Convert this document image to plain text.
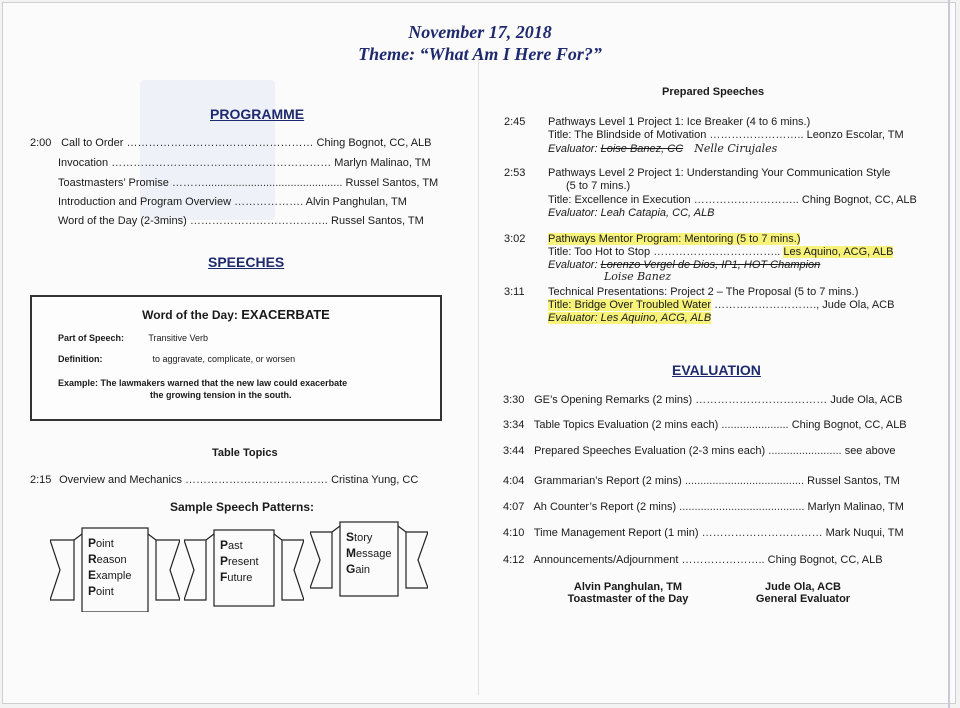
November 17, 2018
Theme: “What Am I Here For?”
PROGRAMME
2:00 Call to Order …………………………………………… Ching Bognot, CC, ALB
Invocation …………………………………………………… Marlyn Malinao, TM
Toastmasters’ Promise ………............................................. Russel Santos, TM
Introduction and Program Overview ………………. Alvin Panghulan, TM
Word of the Day (2-3mins) ……………………………….. Russel Santos, TM
SPEECHES
Word of the Day: EXACERBATE
Part of Speech:	Transitive Verb
Definition:	to aggravate, complicate, or worsen
Example: The lawmakers warned that the new law could exacerbate
the growing tension in the south.
Table Topics
2:15 Overview and Mechanics ………………………………… Cristina Yung, CC
Sample Speech Patterns:
Point
Reason
Example
Point
Past
Present
Future
Story
Message
Gain
Prepared Speeches
2:45 Pathways Level 1 Project 1: Ice Breaker (4 to 6 mins.)
Title: The Blindside of Motivation …………………….. Leonzo Escolar, TM
Evaluator: Loise Banez, CC Nelle Cirujales
2:53 Pathways Level 2 Project 1: Understanding Your Communication Style
(5 to 7 mins.)
Title: Excellence in Execution ……………………….. Ching Bognot, CC, ALB
Evaluator: Leah Catapia, CC, ALB
3:02 Pathways Mentor Program: Mentoring (5 to 7 mins.)
Title: Too Hot to Stop …………………………….. Les Aquino, ACG, ALB
Evaluator: Lorenzo Vergel de Dios, IP1, HOT Champion
Loise Banez
3:11 Technical Presentations: Project 2 – The Proposal (5 to 7 mins.)
Title: Bridge Over Troubled Water ………………………., Jude Ola, ACB
Evaluator: Les Aquino, ACG, ALB
EVALUATION
3:30 GE’s Opening Remarks (2 mins) ……………………………… Jude Ola, ACB
3:34 Table Topics Evaluation (2 mins each) ...................... Ching Bognot, CC, ALB
3:44 Prepared Speeches Evaluation (2-3 mins each) ........................ see above
4:04 Grammarian’s Report (2 mins) ....................................... Russel Santos, TM
4:07 Ah Counter’s Report (2 mins) ......................................... Marlyn Malinao, TM
4:10 Time Management Report (1 min) …………………………… Mark Nuqui, TM
4:12 Announcements/Adjournment ………………….. Ching Bognot, CC, ALB
Alvin Panghulan, TM
Toastmaster of the Day
Jude Ola, ACB
General Evaluator
